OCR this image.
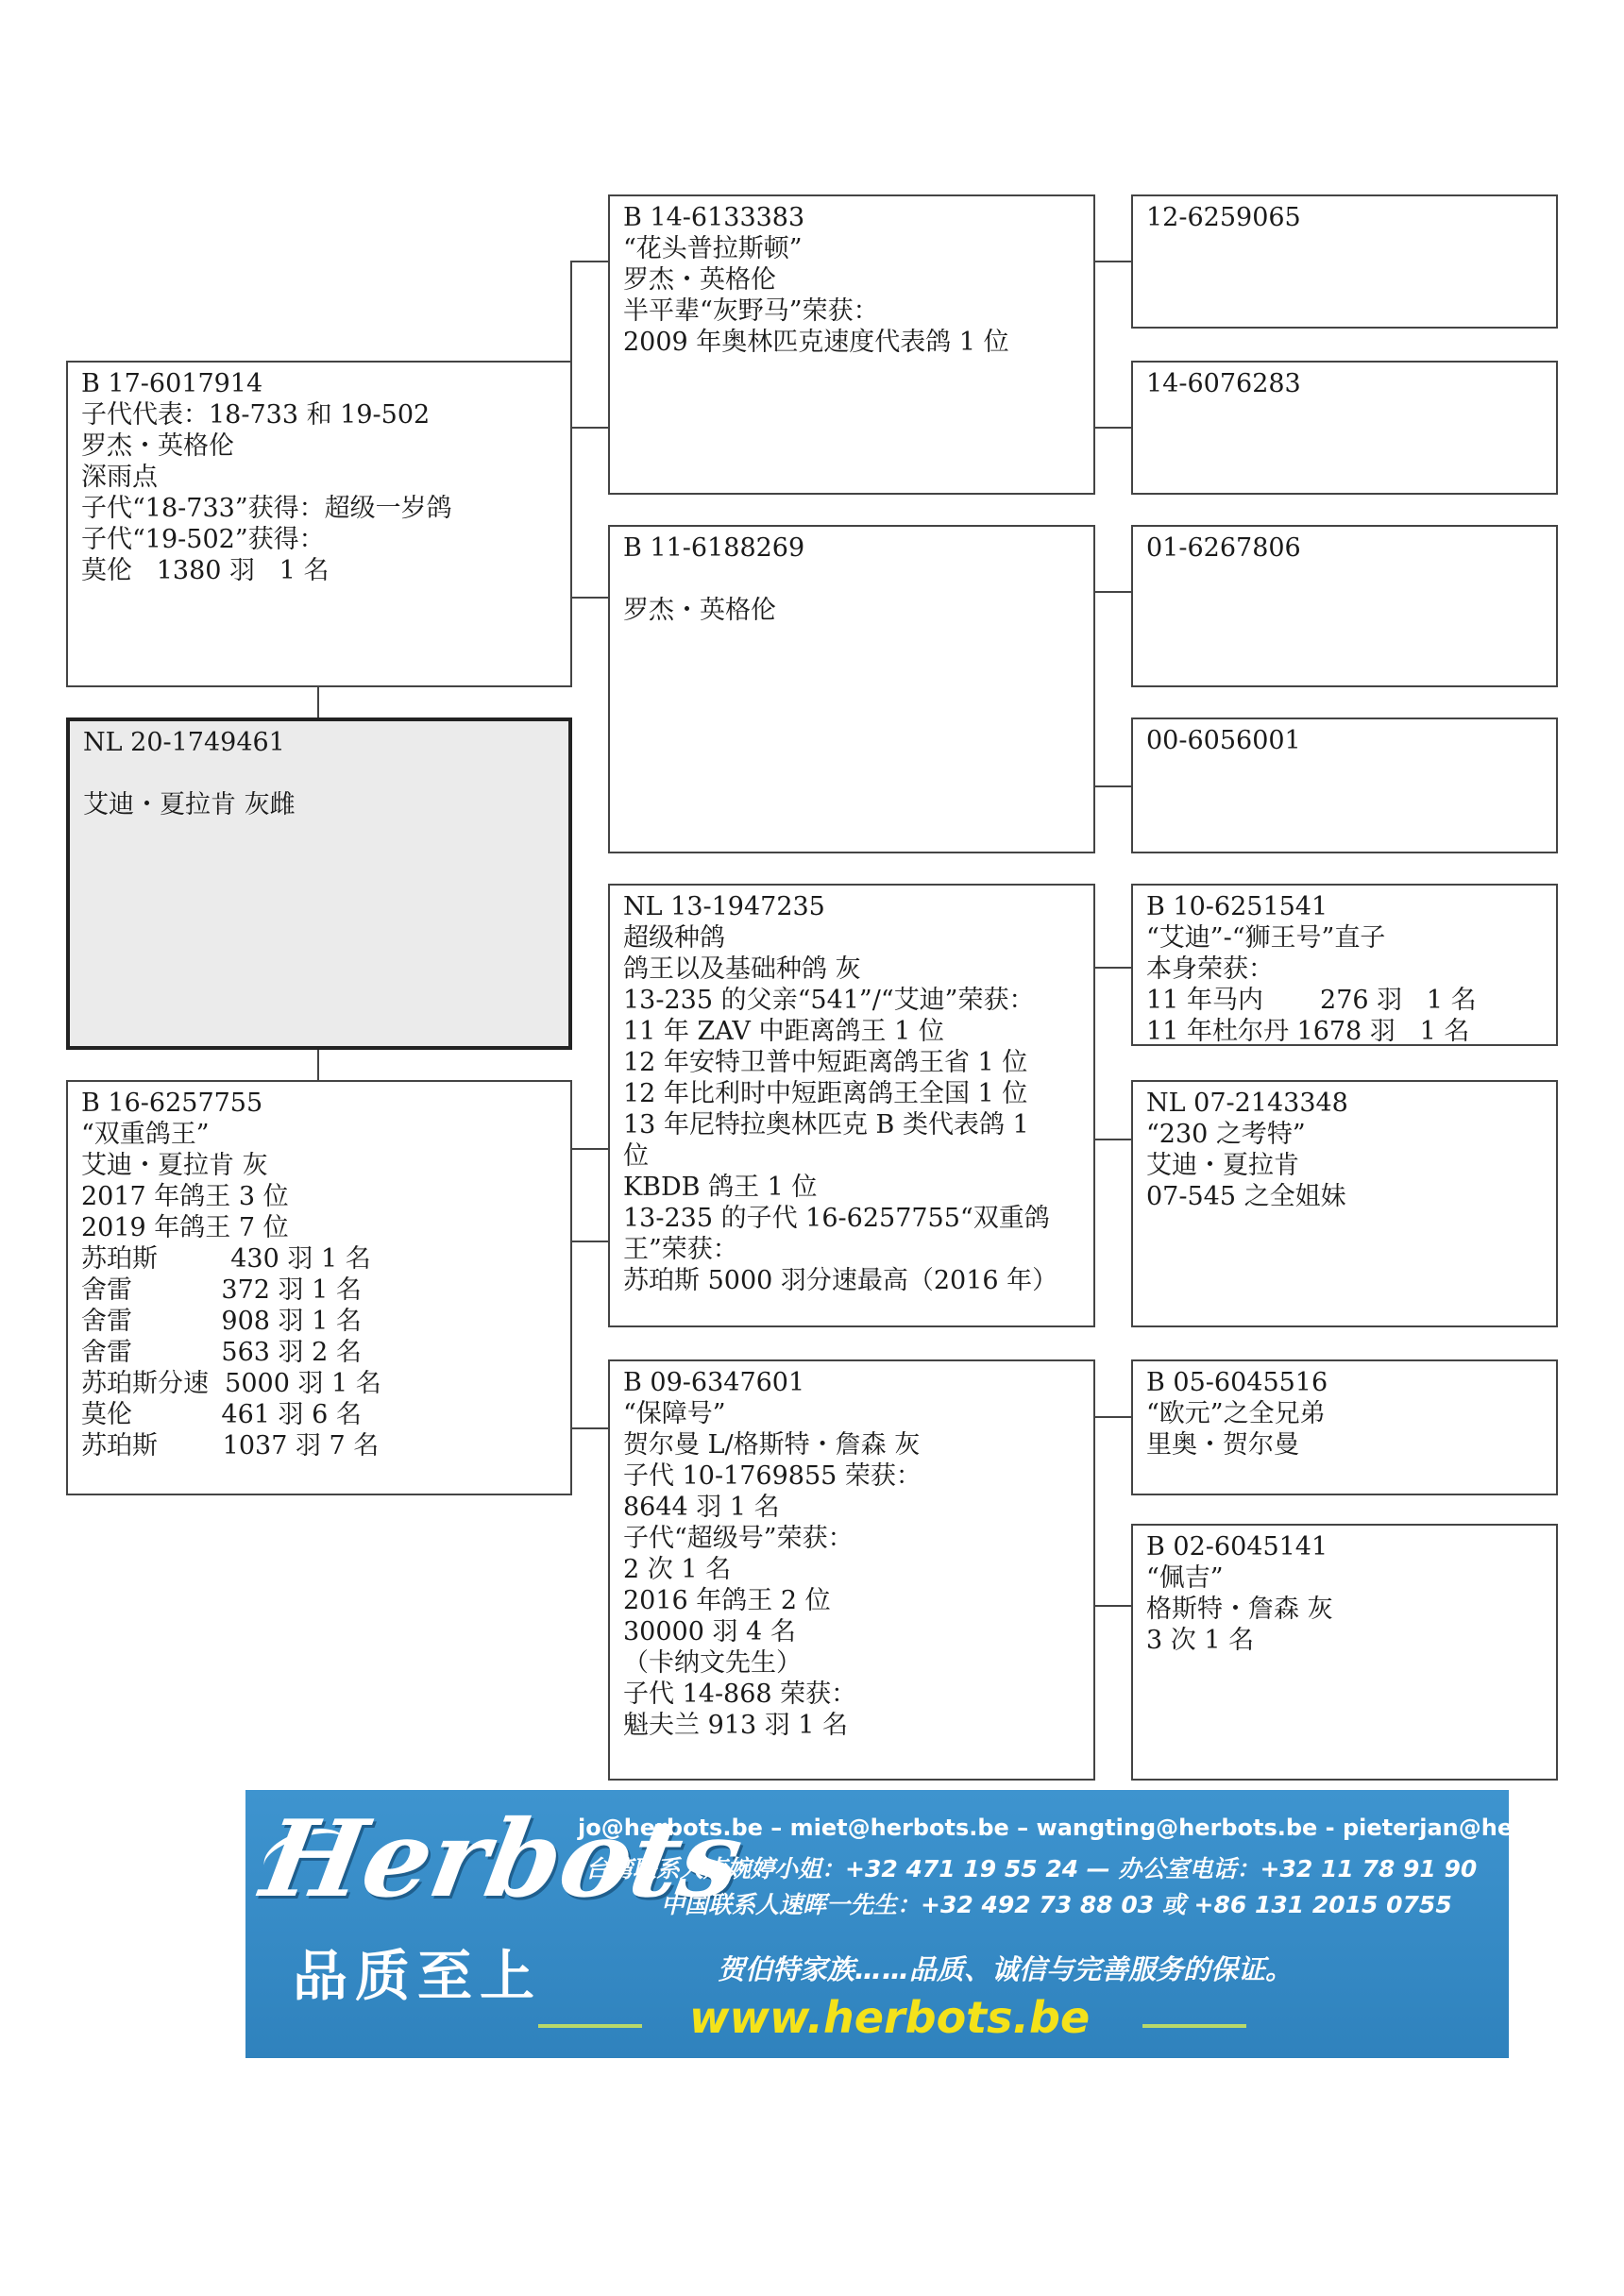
B 17-6017914
子代代表：18-733 和 19-502
罗杰・英格伦
深雨点
子代“18-733”获得：超级一岁鸽
子代“19-502”获得：
莫伦   1380 羽   1 名
NL 20-1749461
艾迪・夏拉肯 灰雌
B 16-6257755
“双重鸽王”
艾迪・夏拉肯 灰
2017 年鸽王 3 位
2019 年鸽王 7 位
苏珀斯         430 羽 1 名
舍雷           372 羽 1 名
舍雷           908 羽 1 名
舍雷           563 羽 2 名
苏珀斯分速  5000 羽 1 名
莫伦           461 羽 6 名
苏珀斯        1037 羽 7 名
B 14-6133383
“花头普拉斯顿”
罗杰・英格伦
半平辈“灰野马”荣获：
2009 年奥林匹克速度代表鸽 1 位
B 11-6188269
罗杰・英格伦
NL 13-1947235
超级种鸽
鸽王以及基础种鸽 灰
13-235 的父亲“541”/“艾迪”荣获：
11 年 ZAV 中距离鸽王 1 位
12 年安特卫普中短距离鸽王省 1 位
12 年比利时中短距离鸽王全国 1 位
13 年尼特拉奥林匹克 B 类代表鸽 1
位
KBDB 鸽王 1 位
13-235 的子代 16-6257755“双重鸽
王”荣获：
苏珀斯 5000 羽分速最高（2016 年）
B 09-6347601
“保障号”
贺尔曼 L/格斯特・詹森 灰
子代 10-1769855 荣获：
8644 羽 1 名
子代“超级号”荣获：
2 次 1 名
2016 年鸽王 2 位
30000 羽 4 名
（卡纳文先生）
子代 14-868 荣获：
魁夫兰 913 羽 1 名
12-6259065
14-6076283
01-6267806
00-6056001
B 10-6251541
“艾迪”-“狮王号”直子
本身荣获：
11 年马内       276 羽   1 名
11 年杜尔丹 1678 羽   1 名
NL 07-2143348
“230 之考特”
艾迪・夏拉肯
07-545 之全姐妹
B 05-6045516
“欧元”之全兄弟
里奥・贺尔曼
B 02-6045141
“佩吉”
格斯特・詹森 灰
3 次 1 名
Herbots
品质至上
jo@herbots.be – miet@herbots.be – wangting@herbots.be - pieterjan@herbots.be
台湾联系人卢婉婷小姐：+32 471 19 55 24 — 办公室电话：+32 11 78 91 90
中国联系人速晖一先生：+32 492 73 88 03 或 +86 131 2015 0755
贺伯特家族……品质、诚信与完善服务的保证。
www.herbots.be
